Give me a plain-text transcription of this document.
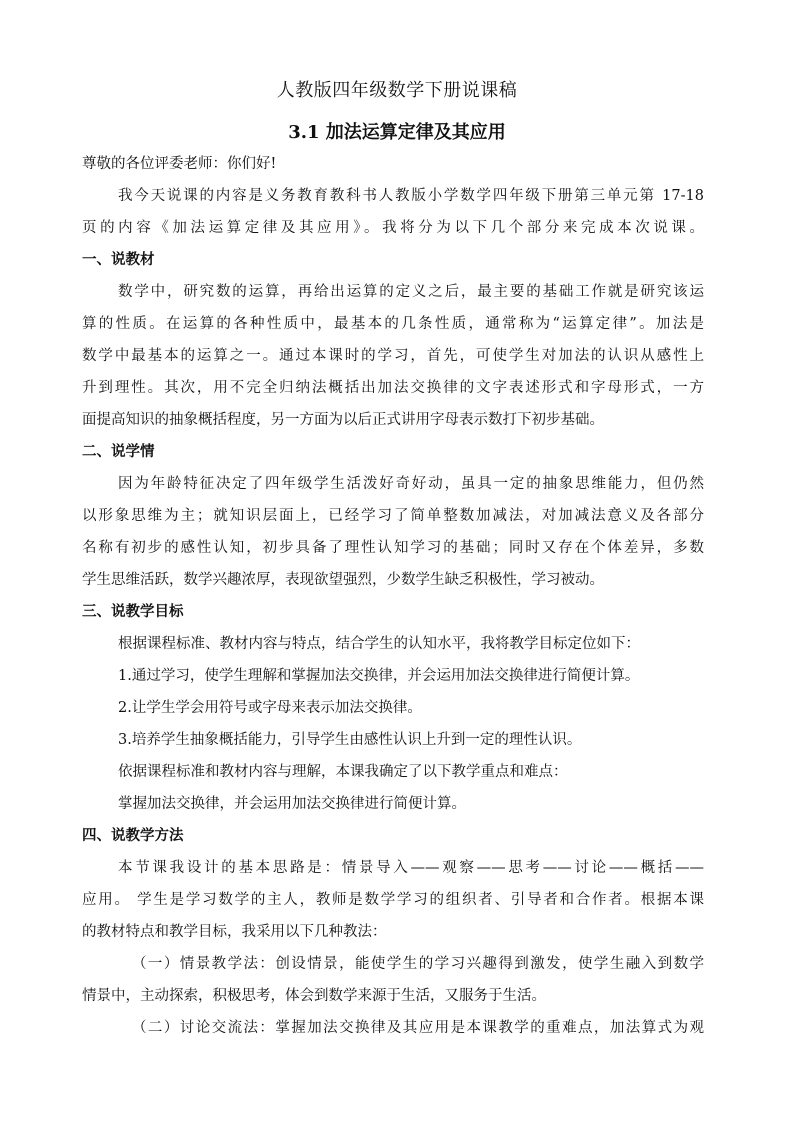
人教版四年级数学下册说课稿
3.1 加法运算定律及其应用
尊敬的各位评委老师：你们好!
我今天说课的内容是义务教育教科书人教版小学数学四年级下册第三单元第 17-18
页的内容《加法运算定律及其应用》。我将分为以下几个部分来完成本次说课。
一、说教材
数学中，研究数的运算，再给出运算的定义之后，最主要的基础工作就是研究该运
算的性质。在运算的各种性质中，最基本的几条性质，通常称为“运算定律”。加法是
数学中最基本的运算之一。通过本课时的学习，首先，可使学生对加法的认识从感性上
升到理性。其次，用不完全归纳法概括出加法交换律的文字表述形式和字母形式，一方
面提高知识的抽象概括程度，另一方面为以后正式讲用字母表示数打下初步基础。
二、说学情
因为年龄特征决定了四年级学生活泼好奇好动，虽具一定的抽象思维能力，但仍然
以形象思维为主；就知识层面上，已经学习了简单整数加减法，对加减法意义及各部分
名称有初步的感性认知，初步具备了理性认知学习的基础；同时又存在个体差异，多数
学生思维活跃，数学兴趣浓厚，表现欲望强烈，少数学生缺乏积极性，学习被动。
三、说教学目标
根据课程标准、教材内容与特点，结合学生的认知水平，我将教学目标定位如下：
1.通过学习，使学生理解和掌握加法交换律，并会运用加法交换律进行简便计算。
2.让学生学会用符号或字母来表示加法交换律。
3.培养学生抽象概括能力，引导学生由感性认识上升到一定的理性认识。
依据课程标准和教材内容与理解，本课我确定了以下教学重点和难点：
掌握加法交换律，并会运用加法交换律进行简便计算。
四、说教学方法
本节课我设计的基本思路是：情景导入——观察——思考——讨论——概括——
应用。 学生是学习数学的主人，教师是数学学习的组织者、引导者和合作者。根据本课
的教材特点和教学目标，我采用以下几种教法：
（一）情景教学法：创设情景，能使学生的学习兴趣得到激发，使学生融入到数学
情景中，主动探索，积极思考，体会到数学来源于生活，又服务于生活。
（二）讨论交流法：掌握加法交换律及其应用是本课教学的重难点，加法算式为观
